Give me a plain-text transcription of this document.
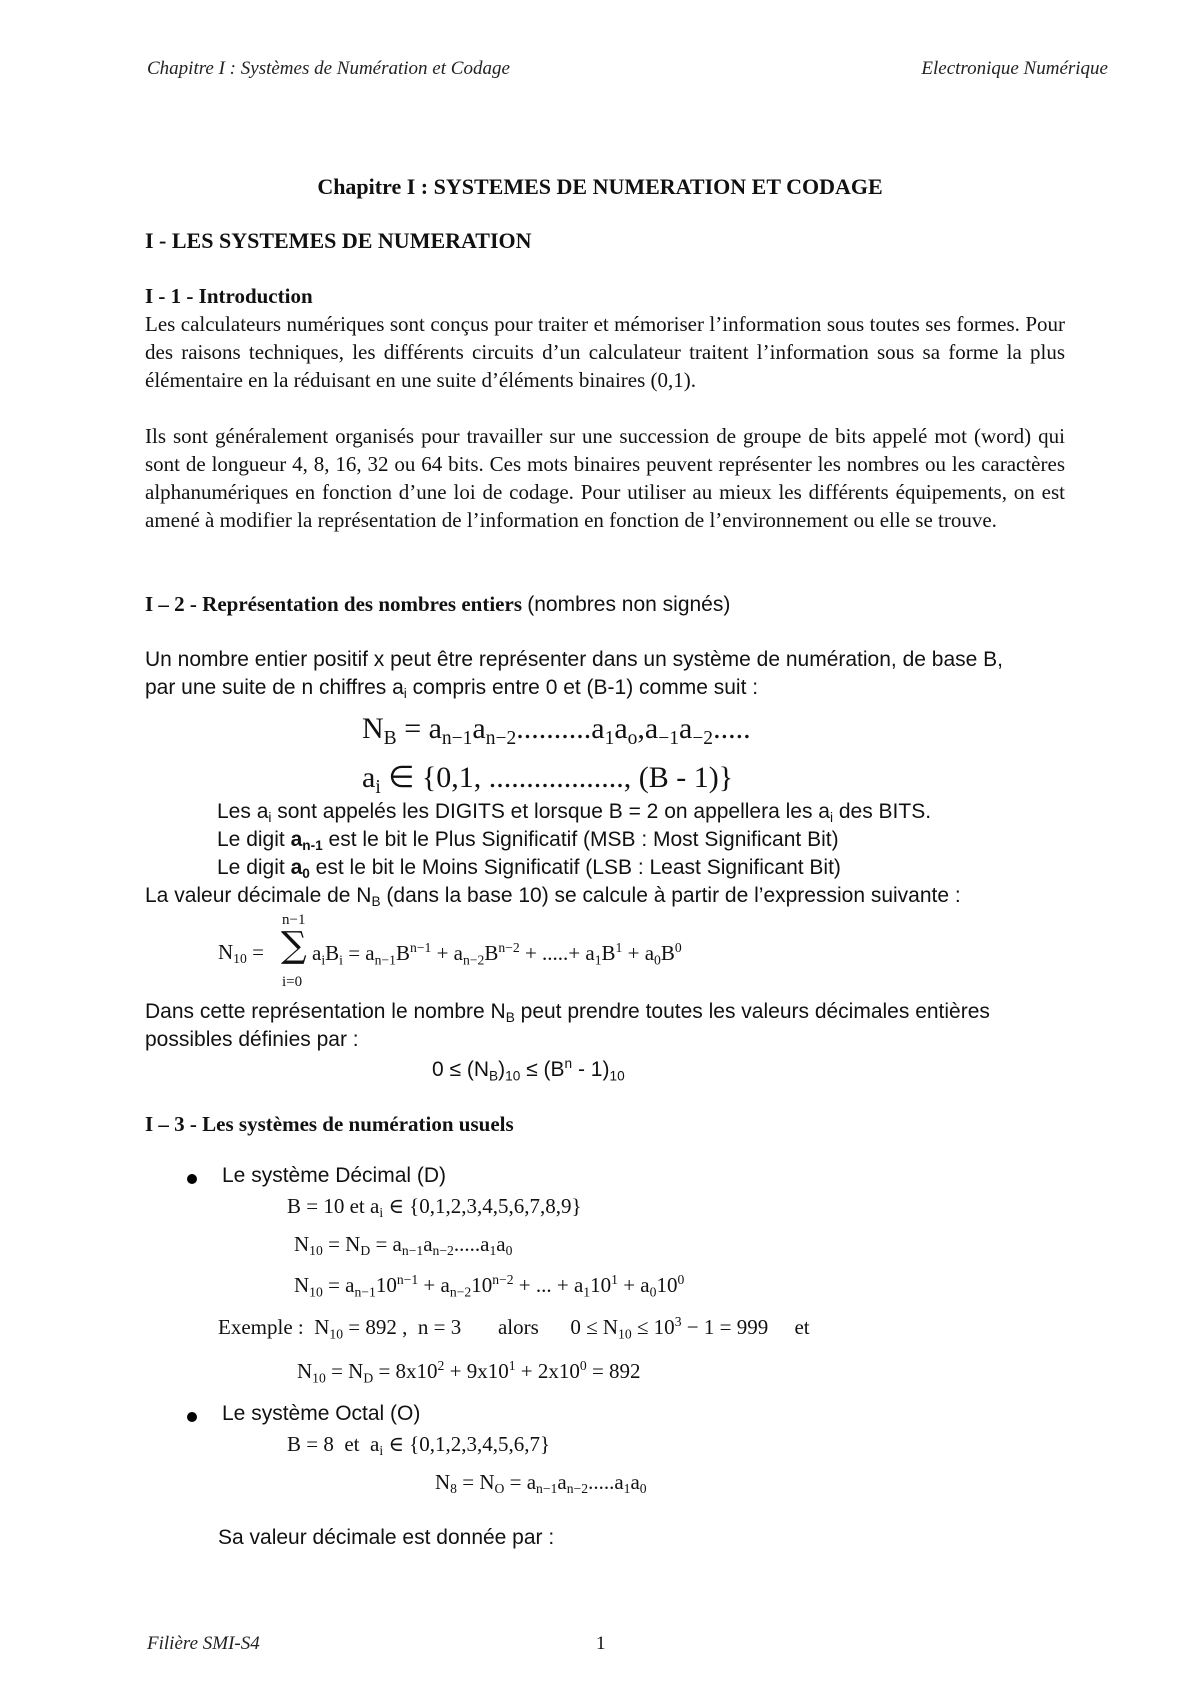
Chapitre I : Systèmes de Numération et Codage	Electronique Numérique
Chapitre I : SYSTEMES DE NUMERATION ET CODAGE
I - LES SYSTEMES DE NUMERATION
I - 1 - Introduction
Les calculateurs numériques sont conçus pour traiter et mémoriser l’information sous toutes ses formes. Pour des raisons techniques, les différents circuits d’un calculateur traitent l’information sous sa forme la plus élémentaire en la réduisant en une suite d’éléments binaires (0,1).
Ils sont généralement organisés pour travailler sur une succession de groupe de bits appelé mot (word) qui sont de longueur 4, 8, 16, 32 ou 64 bits. Ces mots binaires peuvent représenter les nombres ou les caractères alphanumériques en fonction d’une loi de codage. Pour utiliser au mieux les différents équipements, on est amené à modifier la représentation de l’information en fonction de l’environnement ou elle se trouve.
I – 2 - Représentation des nombres entiers (nombres non signés)
Un nombre entier positif x peut être représenter dans un système de numération, de base B,
par une suite de n chiffres $a_i$ compris entre 0 et (B-1) comme suit :
$N_B = a_{n-1}a_{n-2}..........a_1a_o,a_{-1}a_{-2}$.....
$a_i$ ∈ {0,1, .................., (B - 1)}
Les $a_i$ sont appelés les DIGITS et lorsque B = 2 on appellera les $a_i$ des BITS.
Le digit $a_{n-1}$ est le bit le Plus Significatif (MSB : Most Significant Bit)
Le digit $a_0$ est le bit le Moins Significatif (LSB : Least Significant Bit)
La valeur décimale de $N_B$ (dans la base 10) se calcule à partir de l’expression suivante :
n−1
$N_{10}$ = ∑ $a_iB_i = a_{n-1}B^{n-1} + a_{n-2}B^{n-2}$ + .....+ $a_1B^1 + a_0B^0$
i=0
Dans cette représentation le nombre $N_B$ peut prendre toutes les valeurs décimales entières
possibles définies par :
$0 \le (N_B)_{10} \le (B^n - 1)_{10}$
I – 3 - Les systèmes de numération usuels
Le système Décimal (D)
B = 10 et $a_i$ ∈ {0,1,2,3,4,5,6,7,8,9}
$N_{10} = N_D = a_{n-1}a_{n-2}.....a_1a_0$
$N_{10} = a_{n-1}10^{n-1} + a_{n-2}10^{n-2}$ + ... + $a_110^1 + a_010^0$
Exemple :  $N_{10} = 892$ ,  n = 3       alors      $0 \le N_{10} \le 10^3 - 1 = 999$     et
$N_{10} = N_D = 8x10^2 + 9x10^1 + 2x10^0 = 892$
Le système Octal (O)
B = 8  et  $a_i$ ∈ {0,1,2,3,4,5,6,7}
$N_8 = N_O = a_{n-1}a_{n-2}.....a_1a_0$
Sa valeur décimale est donnée par :
Filière SMI-S4	1
